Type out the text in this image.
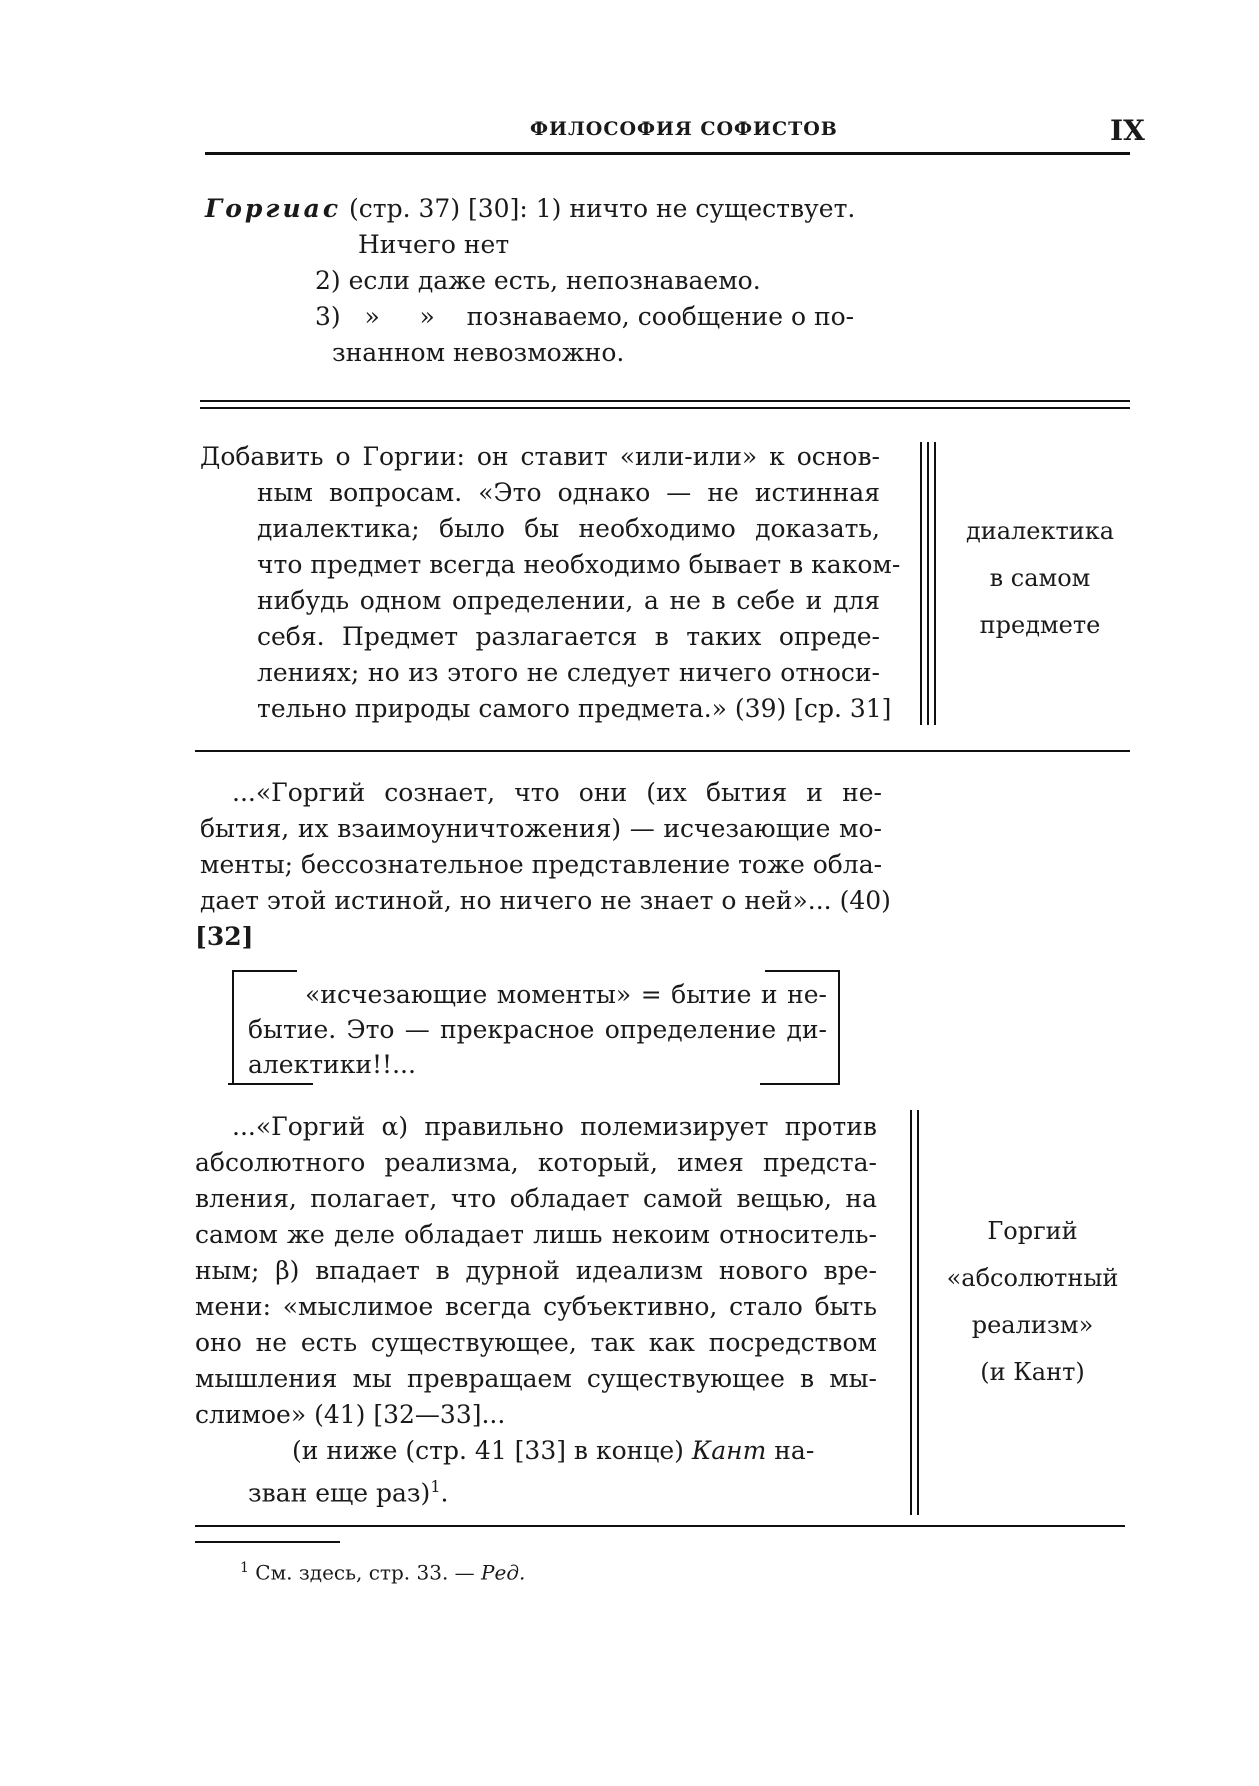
ФИЛОСОФИЯ СОФИСТОВ	IX
Горгиас (стр. 37) [30]: 1) ничто не существует.
Ничего нет
2) если даже есть, непознаваемо.
3)   »     »    познаваемо, сообщение о по-
знанном невозможно.
Добавить о Горгии: он ставит «или-или» к основ-
ным вопросам. «Это однако — не истинная
диалектика; было бы необходимо доказать,
что предмет всегда необходимо бывает в каком-
нибудь одном определении, а не в себе и для
себя. Предмет разлагается в таких опреде-
лениях; но из этого не следует ничего относи-
тельно природы самого предмета.» (39) [ср. 31]
диалектика
в самом
предмете
...«Горгий сознает, что они (их бытия и не-
бытия, их взаимоуничтожения) — исчезающие мо-
менты; бессознательное представление тоже обла-
дает этой истиной, но ничего не знает о ней»... (40)
[32]
«исчезающие моменты» = бытие и не-
бытие. Это — прекрасное определение ди-
алектики!!...
...«Горгий α) правильно полемизирует против
абсолютного реализма, который, имея предста-
вления, полагает, что обладает самой вещью, на
самом же деле обладает лишь некоим относитель-
ным; β) впадает в дурной идеализм нового вре-
мени: «мыслимое всегда субъективно, стало быть
оно не есть существующее, так как посредством
мышления мы превращаем существующее в мы-
слимое» (41) [32—33]...
(и ниже (стр. 41 [33] в конце) Кант на-
зван еще раз)$^1$.
Горгий
«абсолютный
реализм»
(и Кант)
$^1$ См. здесь, стр. 33. — Ред.
